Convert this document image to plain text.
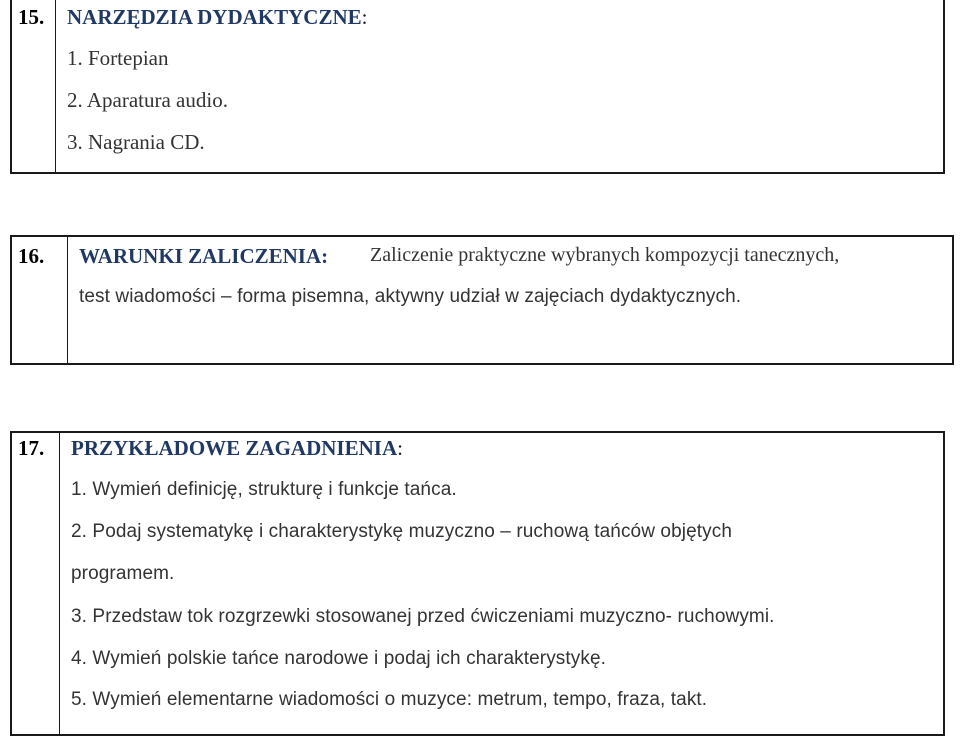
15. NARZĘDZIA DYDAKTYCZNE:
1. Fortepian
2. Aparatura audio.
3. Nagrania CD.
16. WARUNKI ZALICZENIA: Zaliczenie praktyczne wybranych kompozycji tanecznych,
test wiadomości – forma pisemna, aktywny udział w zajęciach dydaktycznych.
17. PRZYKŁADOWE ZAGADNIENIA:
1. Wymień definicję, strukturę i funkcje tańca.
2. Podaj systematykę i charakterystykę muzyczno – ruchową tańców objętych
programem.
3. Przedstaw tok rozgrzewki stosowanej przed ćwiczeniami muzyczno- ruchowymi.
4. Wymień polskie tańce narodowe i podaj ich charakterystykę.
5. Wymień elementarne wiadomości o muzyce: metrum, tempo, fraza, takt.
